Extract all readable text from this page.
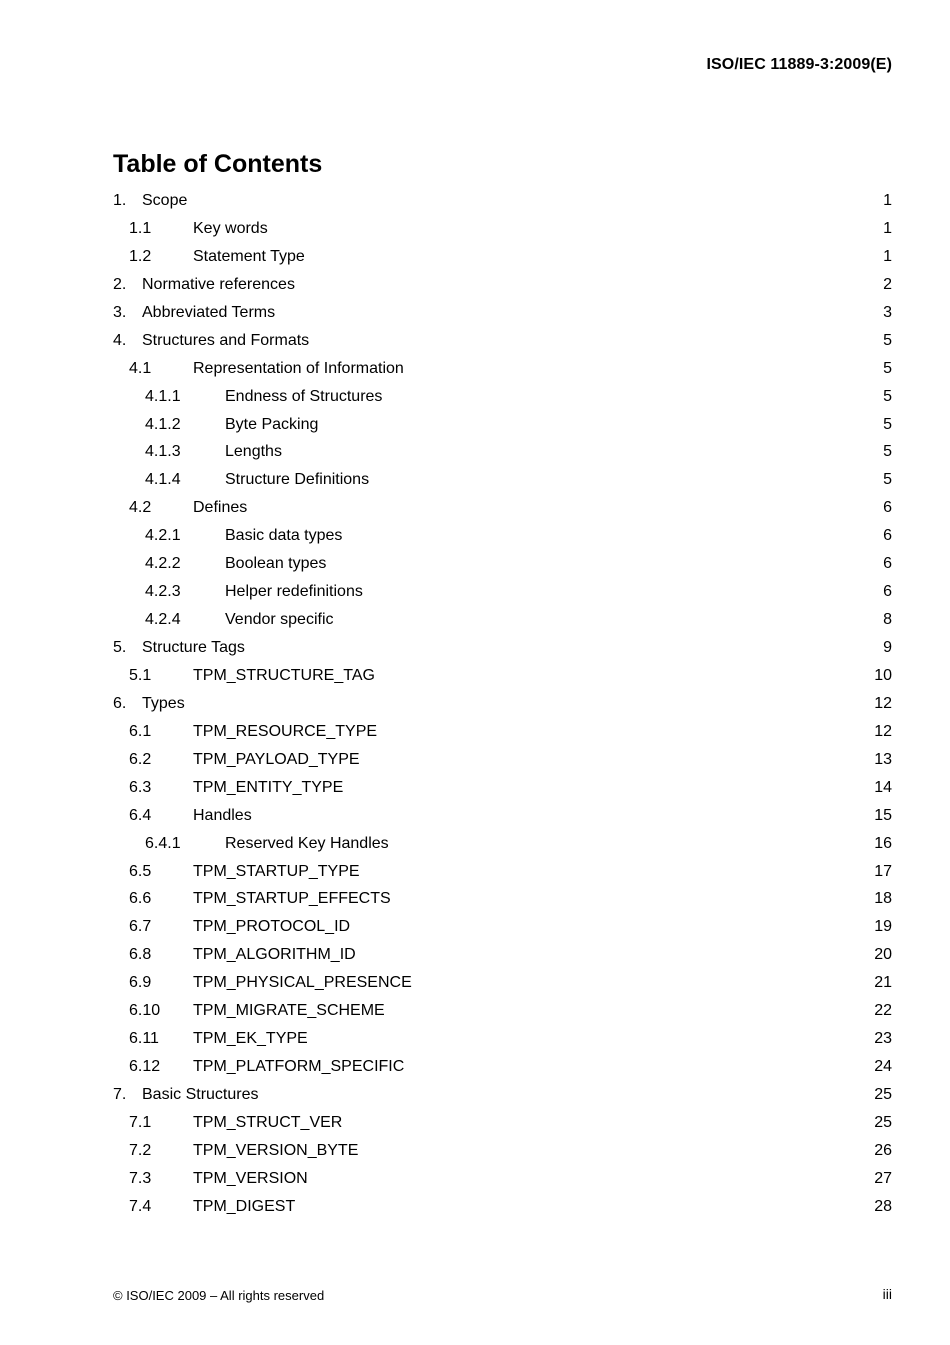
ISO/IEC 11889-3:2009(E)
Table of Contents
1. Scope	1
1.1	Key words	1
1.2	Statement Type	1
2. Normative references	2
3. Abbreviated Terms	3
4. Structures and Formats	5
4.1	Representation of Information	5
4.1.1	Endness of Structures	5
4.1.2	Byte Packing	5
4.1.3	Lengths	5
4.1.4	Structure Definitions	5
4.2	Defines	6
4.2.1	Basic data types	6
4.2.2	Boolean types	6
4.2.3	Helper redefinitions	6
4.2.4	Vendor specific	8
5. Structure Tags	9
5.1	TPM_STRUCTURE_TAG	10
6. Types	12
6.1	TPM_RESOURCE_TYPE	12
6.2	TPM_PAYLOAD_TYPE	13
6.3	TPM_ENTITY_TYPE	14
6.4	Handles	15
6.4.1	Reserved Key Handles	16
6.5	TPM_STARTUP_TYPE	17
6.6	TPM_STARTUP_EFFECTS	18
6.7	TPM_PROTOCOL_ID	19
6.8	TPM_ALGORITHM_ID	20
6.9	TPM_PHYSICAL_PRESENCE	21
6.10 TPM_MIGRATE_SCHEME	22
6.11 TPM_EK_TYPE	23
6.12 TPM_PLATFORM_SPECIFIC	24
7. Basic Structures	25
7.1	TPM_STRUCT_VER	25
7.2	TPM_VERSION_BYTE	26
7.3	TPM_VERSION	27
7.4	TPM_DIGEST	28
© ISO/IEC 2009 – All rights reserved	iii
